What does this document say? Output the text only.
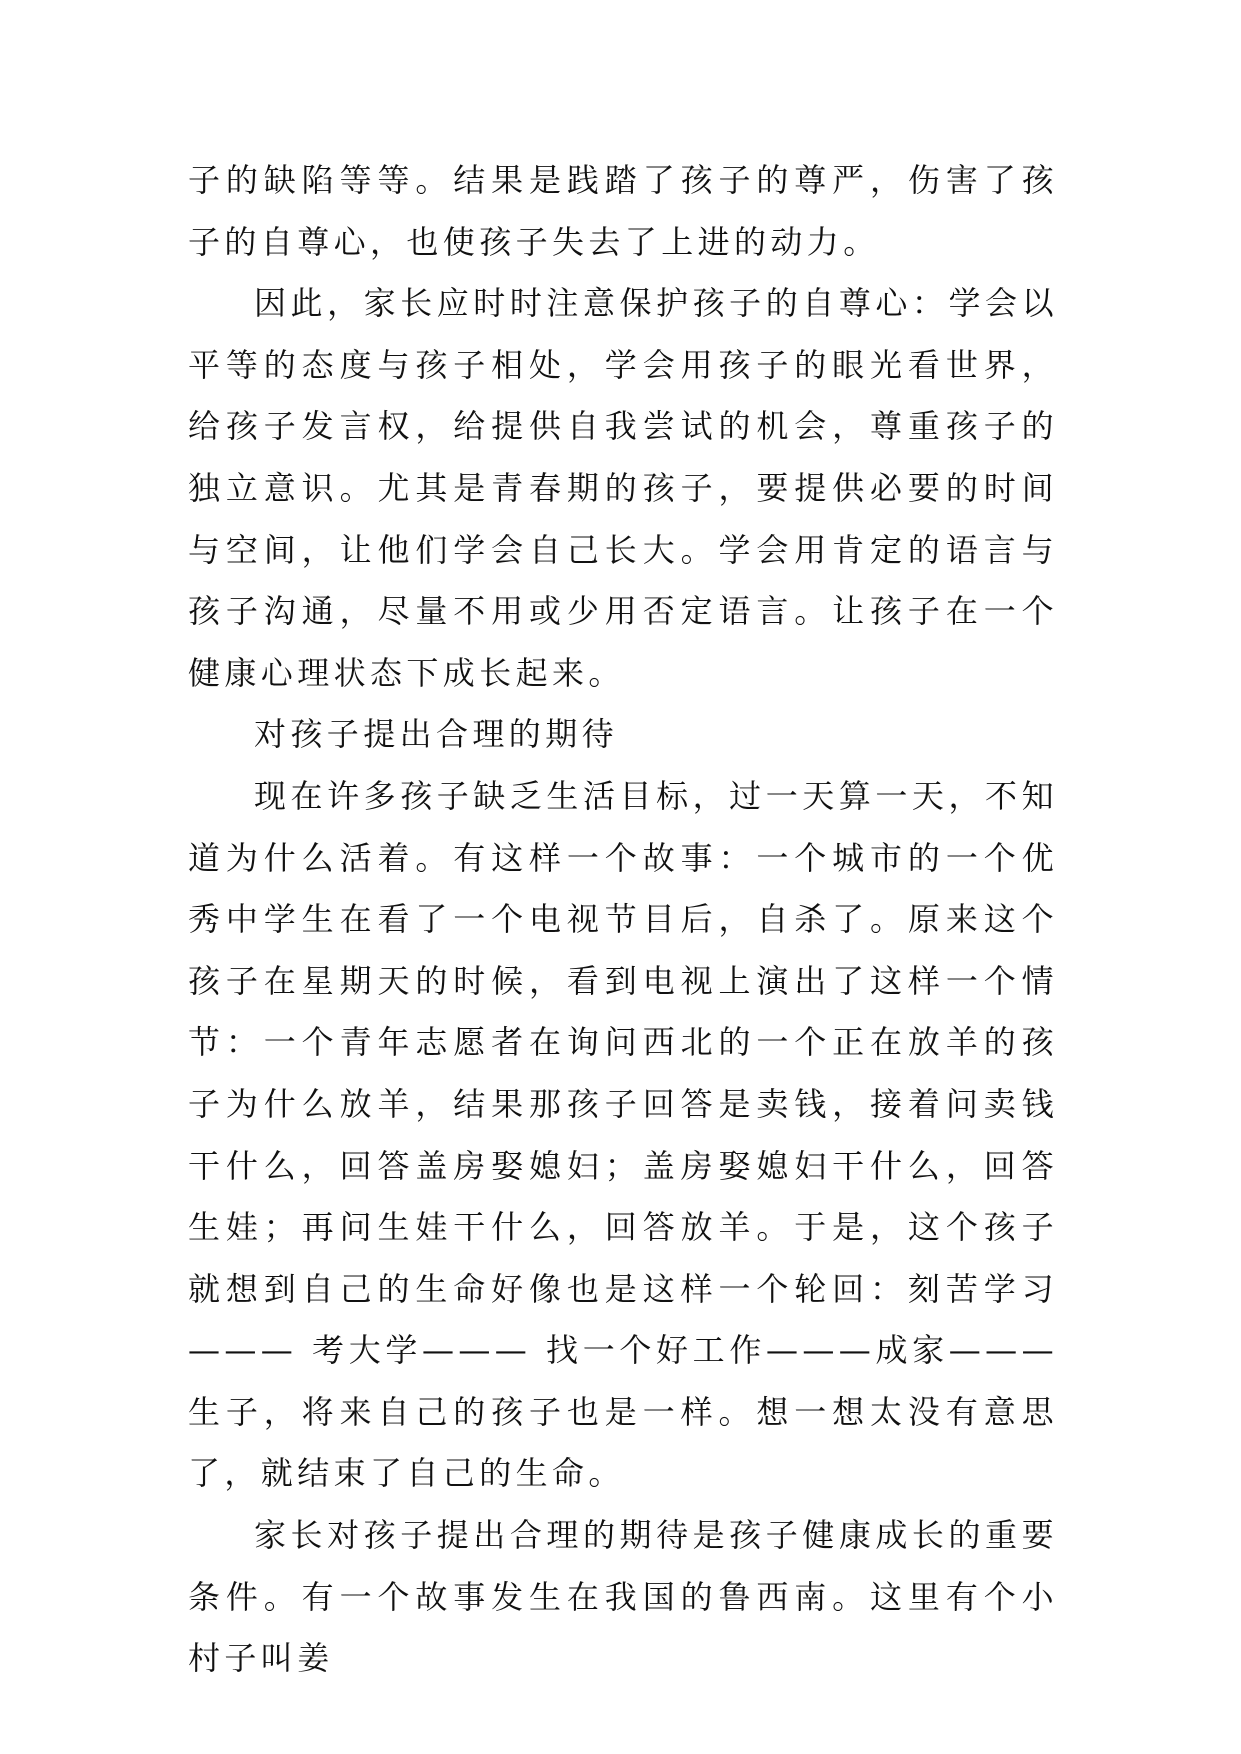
子的缺陷等等。结果是践踏了孩子的尊严，伤害了孩子的自尊心，也使孩子失去了上进的动力。

因此，家长应时时注意保护孩子的自尊心：学会以平等的态度与孩子相处，学会用孩子的眼光看世界，给孩子发言权，给提供自我尝试的机会，尊重孩子的独立意识。尤其是青春期的孩子，要提供必要的时间与空间，让他们学会自己长大。学会用肯定的语言与孩子沟通，尽量不用或少用否定语言。让孩子在一个健康心理状态下成长起来。

对孩子提出合理的期待

现在许多孩子缺乏生活目标，过一天算一天，不知道为什么活着。有这样一个故事：一个城市的一个优秀中学生在看了一个电视节目后，自杀了。原来这个孩子在星期天的时候，看到电视上演出了这样一个情节：一个青年志愿者在询问西北的一个正在放羊的孩子为什么放羊，结果那孩子回答是卖钱，接着问卖钱干什么，回答盖房娶媳妇；盖房娶媳妇干什么，回答生娃；再问生娃干什么，回答放羊。于是，这个孩子就想到自己的生命好像也是这样一个轮回：刻苦学习——— 考大学——— 找一个好工作———成家——— 生子，将来自己的孩子也是一样。想一想太没有意思了，就结束了自己的生命。

家长对孩子提出合理的期待是孩子健康成长的重要条件。有一个故事发生在我国的鲁西南。这里有个小村子叫姜
